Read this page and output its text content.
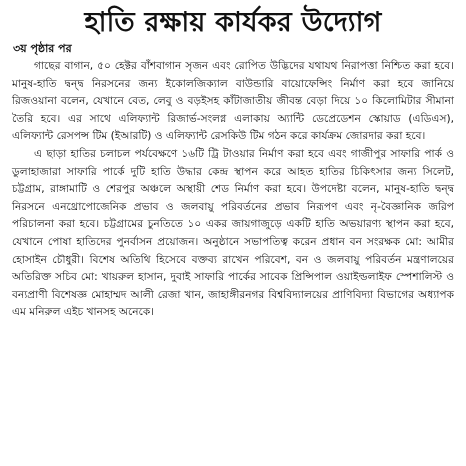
হাতি রক্ষায় কার্যকর উদ্যোগ
৩য় পৃষ্ঠার পর

গাছের বাগান, ৫০ হেক্টর বাঁশবাগান সৃজন এবং রোপিত উদ্ভিদের যথাযথ নিরাপত্তা নিশ্চিত করা হবে। মানুষ-হাতি দ্বন্দ্ব নিরসনের জন্য ইকোলজিক্যাল বাউন্ডারি বায়োফেন্সিং নির্মাণ করা হবে জানিয়ে রিজওয়ানা বলেন, যেখানে বেত, লেবু ও বড়ইসহ কাঁটাজাতীয় জীবন্ত বেড়া দিয়ে ১০ কিলোমিটার সীমানা তৈরি হবে। এর সাথে এলিফ্যান্ট রিজার্ভ-সংলগ্ন এলাকায় অ্যান্টি ডেপ্রেডেশন স্কোয়াড (এডিএস), এলিফ্যান্ট রেসপন্স টিম (ইআরটি) ও এলিফ্যান্ট রেসকিউ টিম গঠন করে কার্যক্রম জোরদার করা হবে।

এ ছাড়া হাতির চলাচল পর্যবেক্ষণে ১৬টি ট্রি টাওয়ার নির্মাণ করা হবে এবং গাজীপুর সাফারি পার্ক ও ডুলাহাজারা সাফারি পার্কে দুটি হাতি উদ্ধার কেন্দ্র স্থাপন করে আহত হাতির চিকিৎসার জন্য সিলেট, চট্টগ্রাম, রাঙ্গামাটি ও শেরপুর অঞ্চলে অস্থায়ী শেড নির্মাণ করা হবে। উপদেষ্টা বলেন, মানুষ-হাতি দ্বন্দ্ব নিরসনে এনথ্রোপোজেনিক প্রভাব ও জলবায়ু পরিবর্তনের প্রভাব নিরূপণ এবং নৃ-বৈজ্ঞানিক জরিপ পরিচালনা করা হবে। চট্টগ্রামের চুনতিতে ১০ একর জায়গাজুড়ে একটি হাতি অভয়ারণ্য স্থাপন করা হবে, যেখানে পোষা হাতিদের পুনর্বাসন প্রয়োজন। অনুষ্ঠানে সভাপতিত্ব করেন প্রধান বন সংরক্ষক মো: আমীর হোসাইন চৌধুরী। বিশেষ অতিথি হিসেবে বক্তব্য রাখেন পরিবেশ, বন ও জলবায়ু পরিবর্তন মন্ত্রণালয়ের অতিরিক্ত সচিব মো: খায়রুল হাসান, দুবাই সাফারি পার্কের সাবেক প্রিন্সিপাল ওয়াইল্ডলাইফ স্পেশালিস্ট ও বন্যপ্রাণী বিশেষজ্ঞ মোহাম্মদ আলী রেজা খান, জাহাঙ্গীরনগর বিশ্ববিদ্যালয়ের প্রাণিবিদ্যা বিভাগের অধ্যাপক এম মনিরুল এইচ খানসহ অনেকে।
